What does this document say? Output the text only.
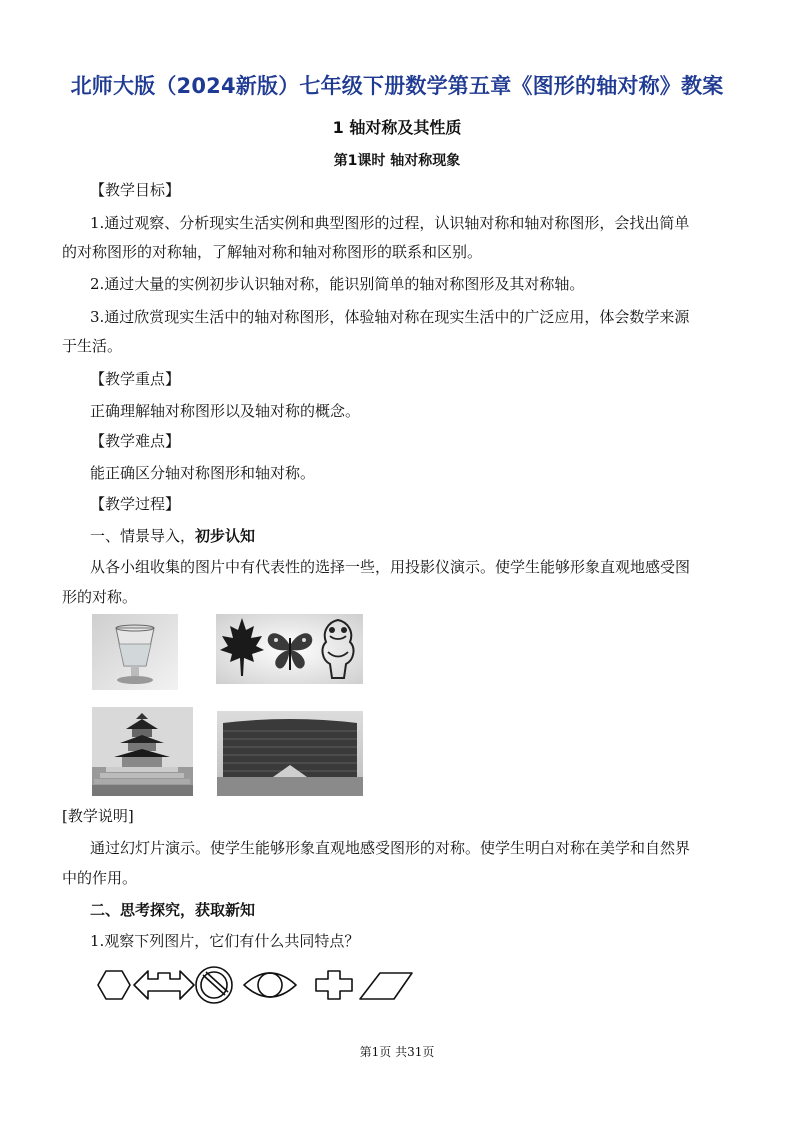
北师大版（2024新版）七年级下册数学第五章《图形的轴对称》教案
1 轴对称及其性质
第1课时 轴对称现象
【教学目标】
1.通过观察、分析现实生活实例和典型图形的过程，认识轴对称和轴对称图形，会找出简单
的对称图形的对称轴，了解轴对称和轴对称图形的联系和区别。
2.通过大量的实例初步认识轴对称，能识别简单的轴对称图形及其对称轴。
3.通过欣赏现实生活中的轴对称图形，体验轴对称在现实生活中的广泛应用，体会数学来源
于生活。
【教学重点】
正确理解轴对称图形以及轴对称的概念。
【教学难点】
能正确区分轴对称图形和轴对称。
【教学过程】
一、情景导入，初步认知
从各小组收集的图片中有代表性的选择一些，用投影仪演示。使学生能够形象直观地感受图
形的对称。
[教学说明]
通过幻灯片演示。使学生能够形象直观地感受图形的对称。使学生明白对称在美学和自然界
中的作用。
二、思考探究，获取新知
1.观察下列图片，它们有什么共同特点？
第1页 共31页
